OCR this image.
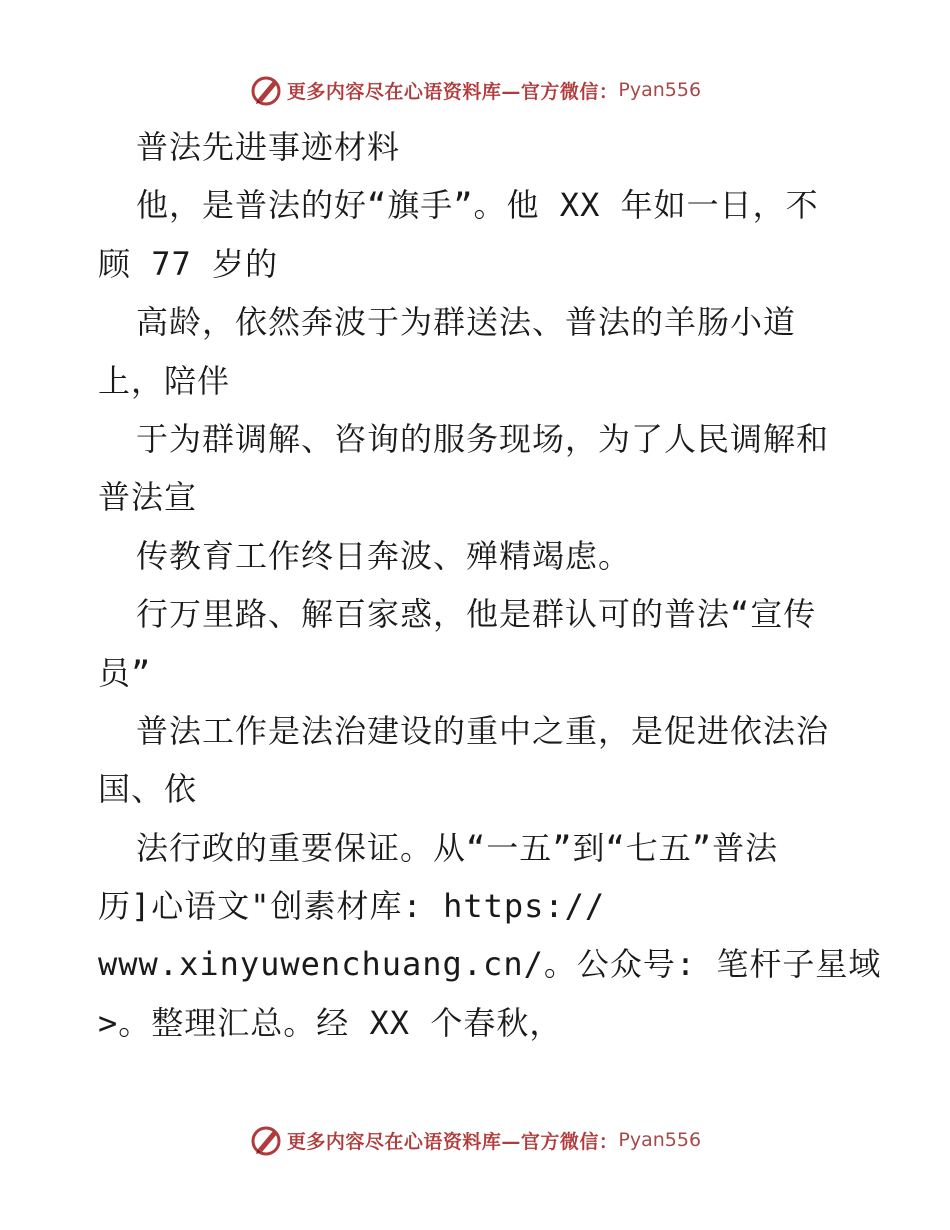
更多内容尽在心语资料库—官方微信： Pyan556
普法先进事迹材料
他，是普法的好“旗手”。他 XX 年如一日，不
顾 77 岁的
高龄，依然奔波于为群送法、普法的羊肠小道
上，陪伴
于为群调解、咨询的服务现场，为了人民调解和
普法宣
传教育工作终日奔波、殚精竭虑。
行万里路、解百家惑，他是群认可的普法“宣传
员”
普法工作是法治建设的重中之重，是促进依法治
国、依
法行政的重要保证。从“一五”到“七五”普法
历]心语文"创素材库: https://
www.xinyuwenchuang.cn/。公众号: 笔杆子星域
>。整理汇总。经 XX 个春秋，
更多内容尽在心语资料库—官方微信： Pyan556
